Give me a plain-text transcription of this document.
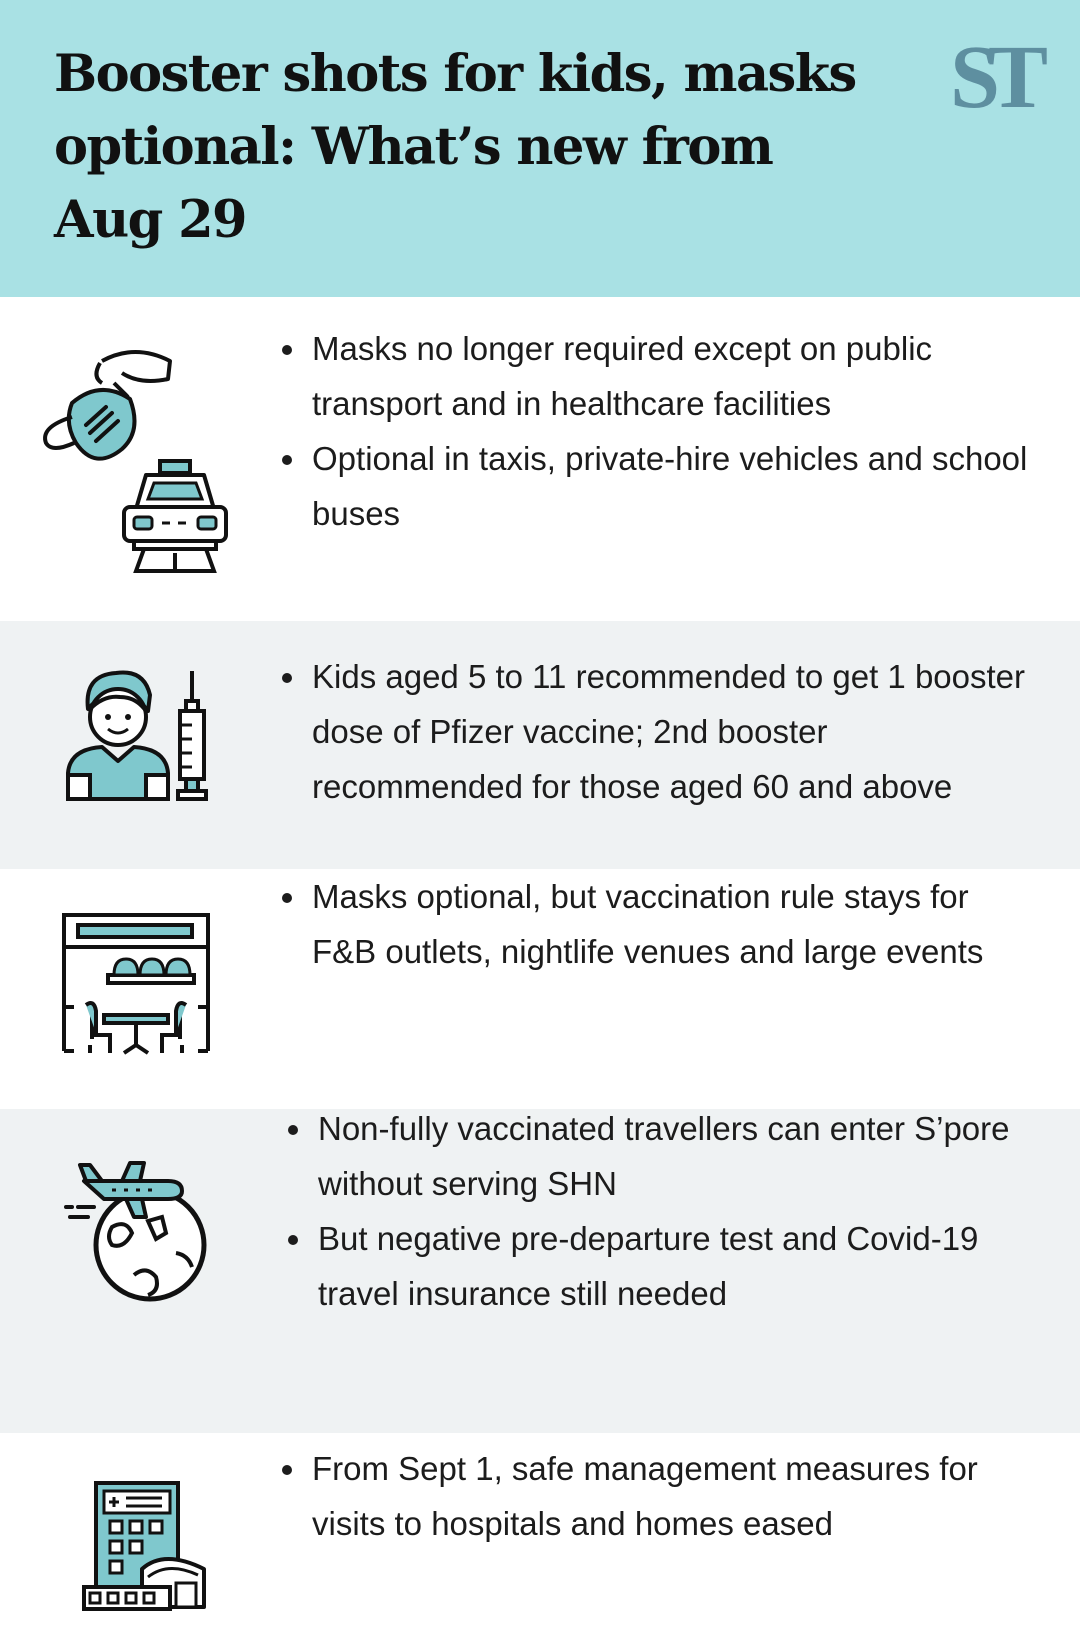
Booster shots for kids, masks optional: What’s new from Aug 29
ST
Masks no longer required except on public transport and in healthcare facilities
Optional in taxis, private-hire vehicles and school buses
Kids aged 5 to 11 recommended to get 1 booster dose of Pfizer vaccine; 2nd booster recommended for those aged 60 and above
Masks optional, but vaccination rule stays for F&B outlets, nightlife venues and large events
Non-fully vaccinated travellers can enter S’pore without serving SHN
But negative pre-departure test and Covid-19 travel insurance still needed
From Sept 1, safe management measures for visits to hospitals and homes eased
